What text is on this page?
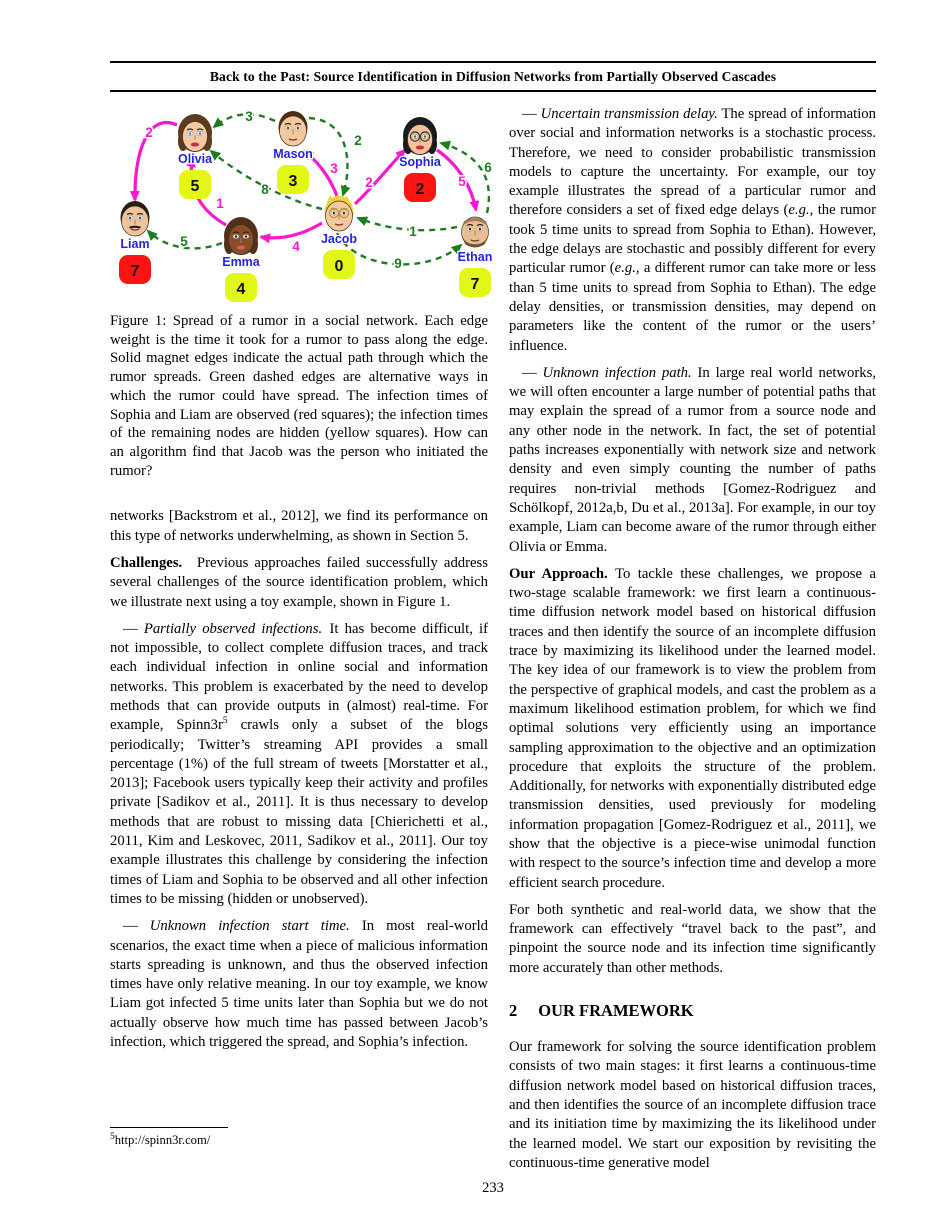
Back to the Past: Source Identification in Diffusion Networks from Partially Observed Cascades
2
1
4
3
2	5
3
2
8
5
1
6
9
Olivia
5
Mason
3
Sophia
2
Liam
7
Emma
4
Jacob
0
Ethan
7

Figure 1: Spread of a rumor in a social network. Each edge weight is the time it took for a rumor to pass along the edge. Solid magnet edges indicate the actual path through which the rumor spreads. Green dashed edges are alternative ways in which the rumor could have spread. The infection times of Sophia and Liam are observed (red squares); the infection times of the remaining nodes are hidden (yellow squares). How can an algorithm find that Jacob was the person who initiated the rumor?

networks [Backstrom et al., 2012], we find its performance on this type of networks underwhelming, as shown in Section 5.

Challenges. Previous approaches failed successfully address several challenges of the source identification problem, which we illustrate next using a toy example, shown in Figure 1.

— Partially observed infections. It has become difficult, if not impossible, to collect complete diffusion traces, and track each individual infection in online social and information networks. This problem is exacerbated by the need to develop methods that can provide outputs in (almost) real-time. For example, $Spinn3r^5$ crawls only a subset of the blogs periodically; Twitter’s streaming API provides a small percentage (1%) of the full stream of tweets [Morstatter et al., 2013]; Facebook users typically keep their activity and profiles private [Sadikov et al., 2011]. It is thus necessary to develop methods that are robust to missing data [Chierichetti et al., 2011, Kim and Leskovec, 2011, Sadikov et al., 2011]. Our toy example illustrates this challenge by considering the infection times of Liam and Sophia to be observed and all other infection times to be missing (hidden or unobserved).

— Unknown infection start time. In most real-world scenarios, the exact time when a piece of malicious information starts spreading is unknown, and thus the observed infection times have only relative meaning. In our toy example, we know Liam got infected 5 time units later than Sophia but we do not actually observe how much time has passed between Jacob’s infection, which triggered the spread, and Sophia’s infection.

— Uncertain transmission delay. The spread of information over social and information networks is a stochastic process. Therefore, we need to consider probabilistic transmission models to capture the uncertainty. For example, our toy example illustrates the spread of a particular rumor and therefore considers a set of fixed edge delays (e.g., the rumor took 5 time units to spread from Sophia to Ethan). However, the edge delays are stochastic and possibly different for every particular rumor (e.g., a different rumor can take more or less than 5 time units to spread from Sophia to Ethan). The edge delay densities, or transmission densities, may depend on parameters like the content of the rumor or the users’ influence.

— Unknown infection path. In large real world networks, we will often encounter a large number of potential paths that may explain the spread of a rumor from a source node and any other node in the network. In fact, the set of potential paths increases exponentially with network size and network density and even simply counting the number of paths requires non-trivial methods [Gomez-Rodriguez and Schölkopf, 2012a,b, Du et al., 2013a]. For example, in our toy example, Liam can become aware of the rumor through either Olivia or Emma.

Our Approach. To tackle these challenges, we propose a two-stage scalable framework: we first learn a continuous-time diffusion network model based on historical diffusion traces and then identify the source of an incomplete diffusion trace by maximizing its likelihood under the learned model. The key idea of our framework is to view the problem from the perspective of graphical models, and cast the problem as a maximum likelihood estimation problem, for which we find optimal solutions very efficiently using an importance sampling approximation to the objective and an optimization procedure that exploits the structure of the problem. Additionally, for networks with exponentially distributed edge transmission densities, used previously for modeling information propagation [Gomez-Rodriguez et al., 2011], we show that the objective is a piece-wise unimodal function with respect to the source’s infection time and develop a more efficient search procedure.

For both synthetic and real-world data, we show that the framework can effectively “travel back to the past”, and pinpoint the source node and its infection time significantly more accurately than other methods.

2 OUR FRAMEWORK

Our framework for solving the source identification problem consists of two main stages: it first learns a continuous-time diffusion network model based on historical diffusion traces, and then identifies the source of an incomplete diffusion trace and its initiation time by maximizing the its likelihood under the learned model. We start our exposition by revisiting the continuous-time generative model

$^5$http://spinn3r.com/
233
